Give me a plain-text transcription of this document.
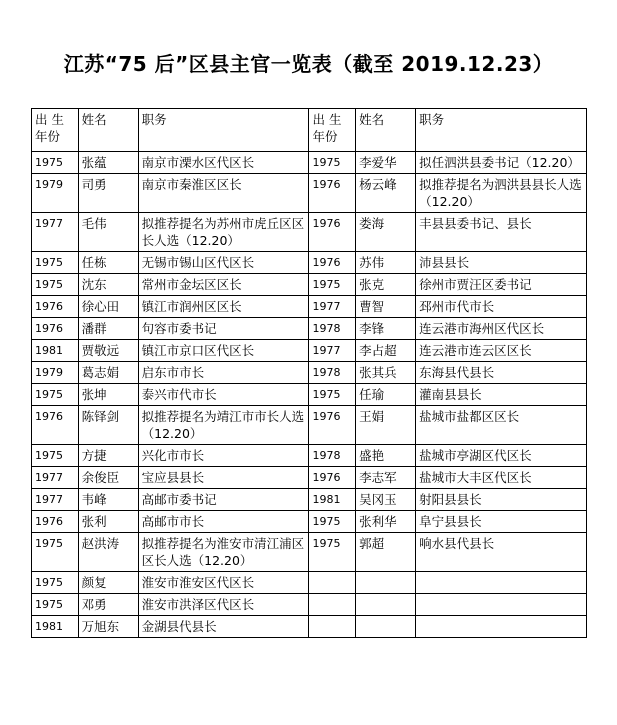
江苏“75 后”区县主官一览表（截至 2019.12.23）
出 生 年份	姓名	职务	出 生 年份	姓名	职务
1975	张蕴	南京市溧水区代区长	1975	李爱华	拟任泗洪县委书记（12.20）
1979	司勇	南京市秦淮区区长	1976	杨云峰	拟推荐提名为泗洪县县长人选（12.20）
1977	毛伟	拟推荐提名为苏州市虎丘区区长人选（12.20）	1976	娄海	丰县县委书记、县长
1975	任栋	无锡市锡山区代区长	1976	苏伟	沛县县长
1975	沈东	常州市金坛区区长	1975	张克	徐州市贾汪区委书记
1976	徐心田	镇江市润州区区长	1977	曹智	邳州市代市长
1976	潘群	句容市委书记	1978	李锋	连云港市海州区代区长
1981	贾敬远	镇江市京口区代区长	1977	李占超	连云港市连云区区长
1979	葛志娟	启东市市长	1978	张其兵	东海县代县长
1975	张坤	泰兴市代市长	1975	任瑜	灌南县县长
1976	陈铎剑	拟推荐提名为靖江市市长人选（12.20）	1976	王娟	盐城市盐都区区长
1975	方捷	兴化市市长	1978	盛艳	盐城市亭湖区代区长
1977	余俊臣	宝应县县长	1976	李志军	盐城市大丰区代区长
1977	韦峰	高邮市委书记	1981	吴冈玉	射阳县县长
1976	张利	高邮市市长	1975	张利华	阜宁县县长
1975	赵洪涛	拟推荐提名为淮安市清江浦区区长人选（12.20）	1975	郭超	响水县代县长
1975	颜复	淮安市淮安区代区长			
1975	邓勇	淮安市洪泽区代区长			
1981	万旭东	金湖县代县长			
